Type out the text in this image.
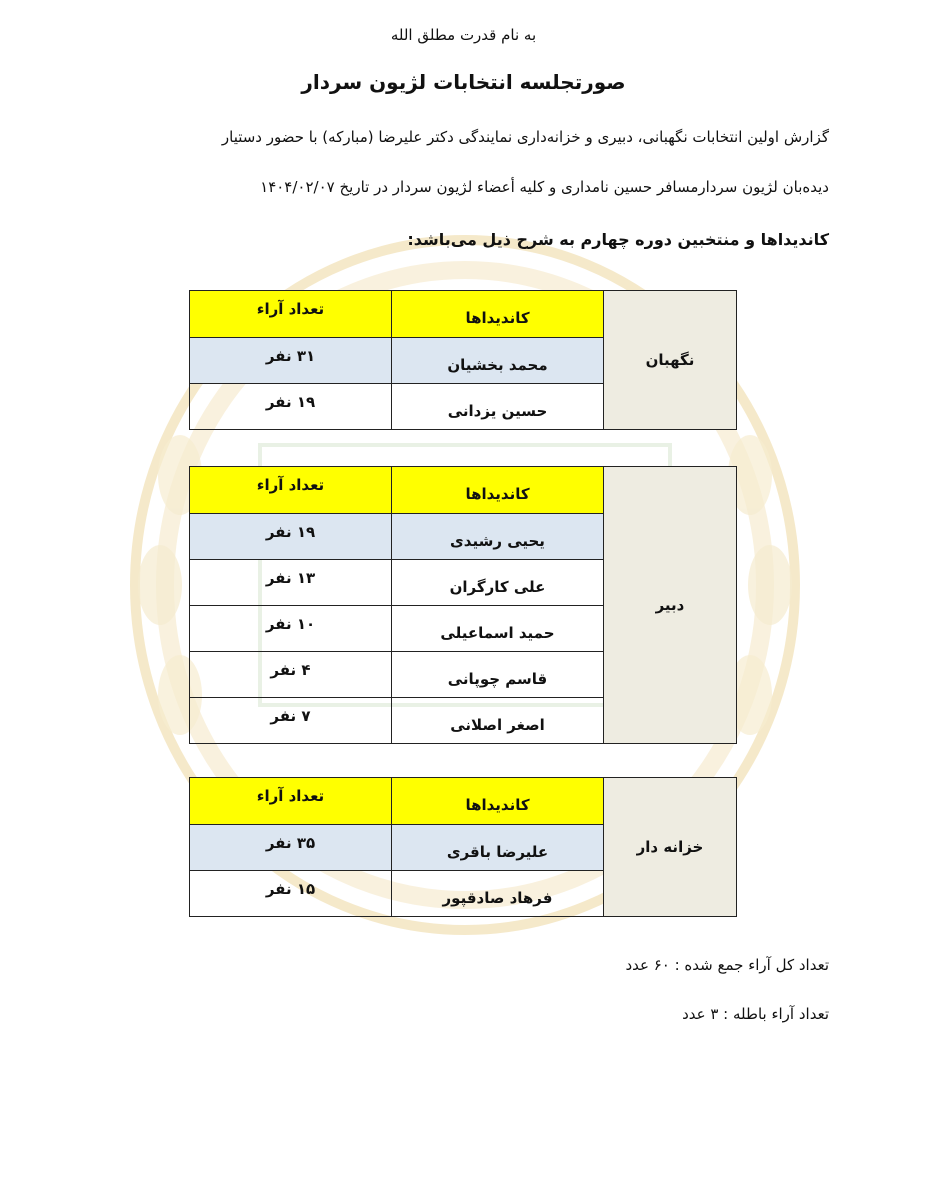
به نام قدرت مطلق الله
صورتجلسه انتخابات لژیون سردار
گزارش اولین انتخابات نگهبانی، دبیری و خزانه‌داری نمایندگی دکتر علیرضا (مبارکه) با حضور دستیار
دیده‌بان لژیون سردارمسافر حسین نامداری و کلیه أعضاء لژیون سردار در تاریخ ۱۴۰۴/۰۲/۰۷
کاندیداها و منتخبین دوره چهارم به شرح ذیل می‌باشد:
نگهبان	کاندیداها	تعداد آراء
	محمد بخشیان	۳۱ نفر
	حسین یزدانی	۱۹ نفر
دبیر	کاندیداها	تعداد آراء
	یحیی رشیدی	۱۹ نفر
	علی کارگران	۱۳ نفر
	حمید اسماعیلی	۱۰ نفر
	قاسم چوپانی	۴ نفر
	اصغر اصلانی	۷ نفر
خزانه دار	کاندیداها	تعداد آراء
	علیرضا باقری	۳۵ نفر
	فرهاد صادقپور	۱۵ نفر
تعداد کل آراء جمع شده : ۶۰ عدد
تعداد آراء باطله : ۳ عدد
